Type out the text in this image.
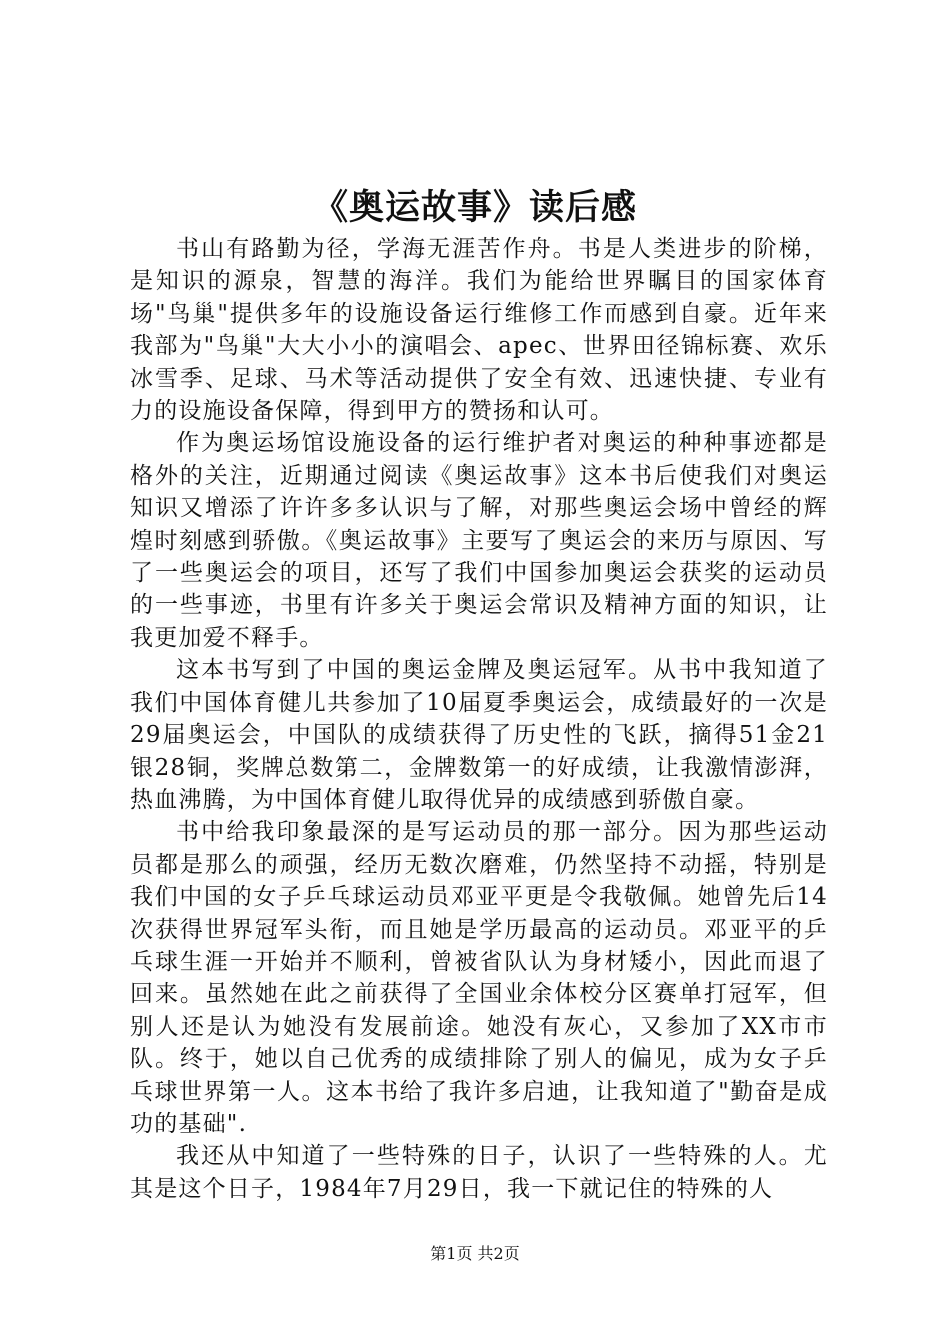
《奥运故事》读后感

书山有路勤为径，学海无涯苦作舟。书是人类进步的阶梯，是知识的源泉，智慧的海洋。我们为能给世界瞩目的国家体育场"鸟巢"提供多年的设施设备运行维修工作而感到自豪。近年来我部为"鸟巢"大大小小的演唱会、apec、世界田径锦标赛、欢乐冰雪季、足球、马术等活动提供了安全有效、迅速快捷、专业有力的设施设备保障，得到甲方的赞扬和认可。

作为奥运场馆设施设备的运行维护者对奥运的种种事迹都是格外的关注，近期通过阅读《奥运故事》这本书后使我们对奥运知识又增添了许许多多认识与了解，对那些奥运会场中曾经的辉煌时刻感到骄傲。《奥运故事》主要写了奥运会的来历与原因、写了一些奥运会的项目，还写了我们中国参加奥运会获奖的运动员的一些事迹，书里有许多关于奥运会常识及精神方面的知识，让我更加爱不释手。

这本书写到了中国的奥运金牌及奥运冠军。从书中我知道了我们中国体育健儿共参加了10届夏季奥运会，成绩最好的一次是29届奥运会，中国队的成绩获得了历史性的飞跃，摘得51金21银28铜，奖牌总数第二，金牌数第一的好成绩，让我激情澎湃，热血沸腾，为中国体育健儿取得优异的成绩感到骄傲自豪。

书中给我印象最深的是写运动员的那一部分。因为那些运动员都是那么的顽强，经历无数次磨难，仍然坚持不动摇，特别是我们中国的女子乒乓球运动员邓亚平更是令我敬佩。她曾先后14次获得世界冠军头衔，而且她是学历最高的运动员。邓亚平的乒乓球生涯一开始并不顺利，曾被省队认为身材矮小，因此而退了回来。虽然她在此之前获得了全国业余体校分区赛单打冠军，但别人还是认为她没有发展前途。她没有灰心，又参加了XX市市队。终于，她以自己优秀的成绩排除了别人的偏见，成为女子乒乓球世界第一人。这本书给了我许多启迪，让我知道了"勤奋是成功的基础".

我还从中知道了一些特殊的日子，认识了一些特殊的人。尤其是这个日子，1984年7月29日，我一下就记住的特殊的人

第1页 共2页
